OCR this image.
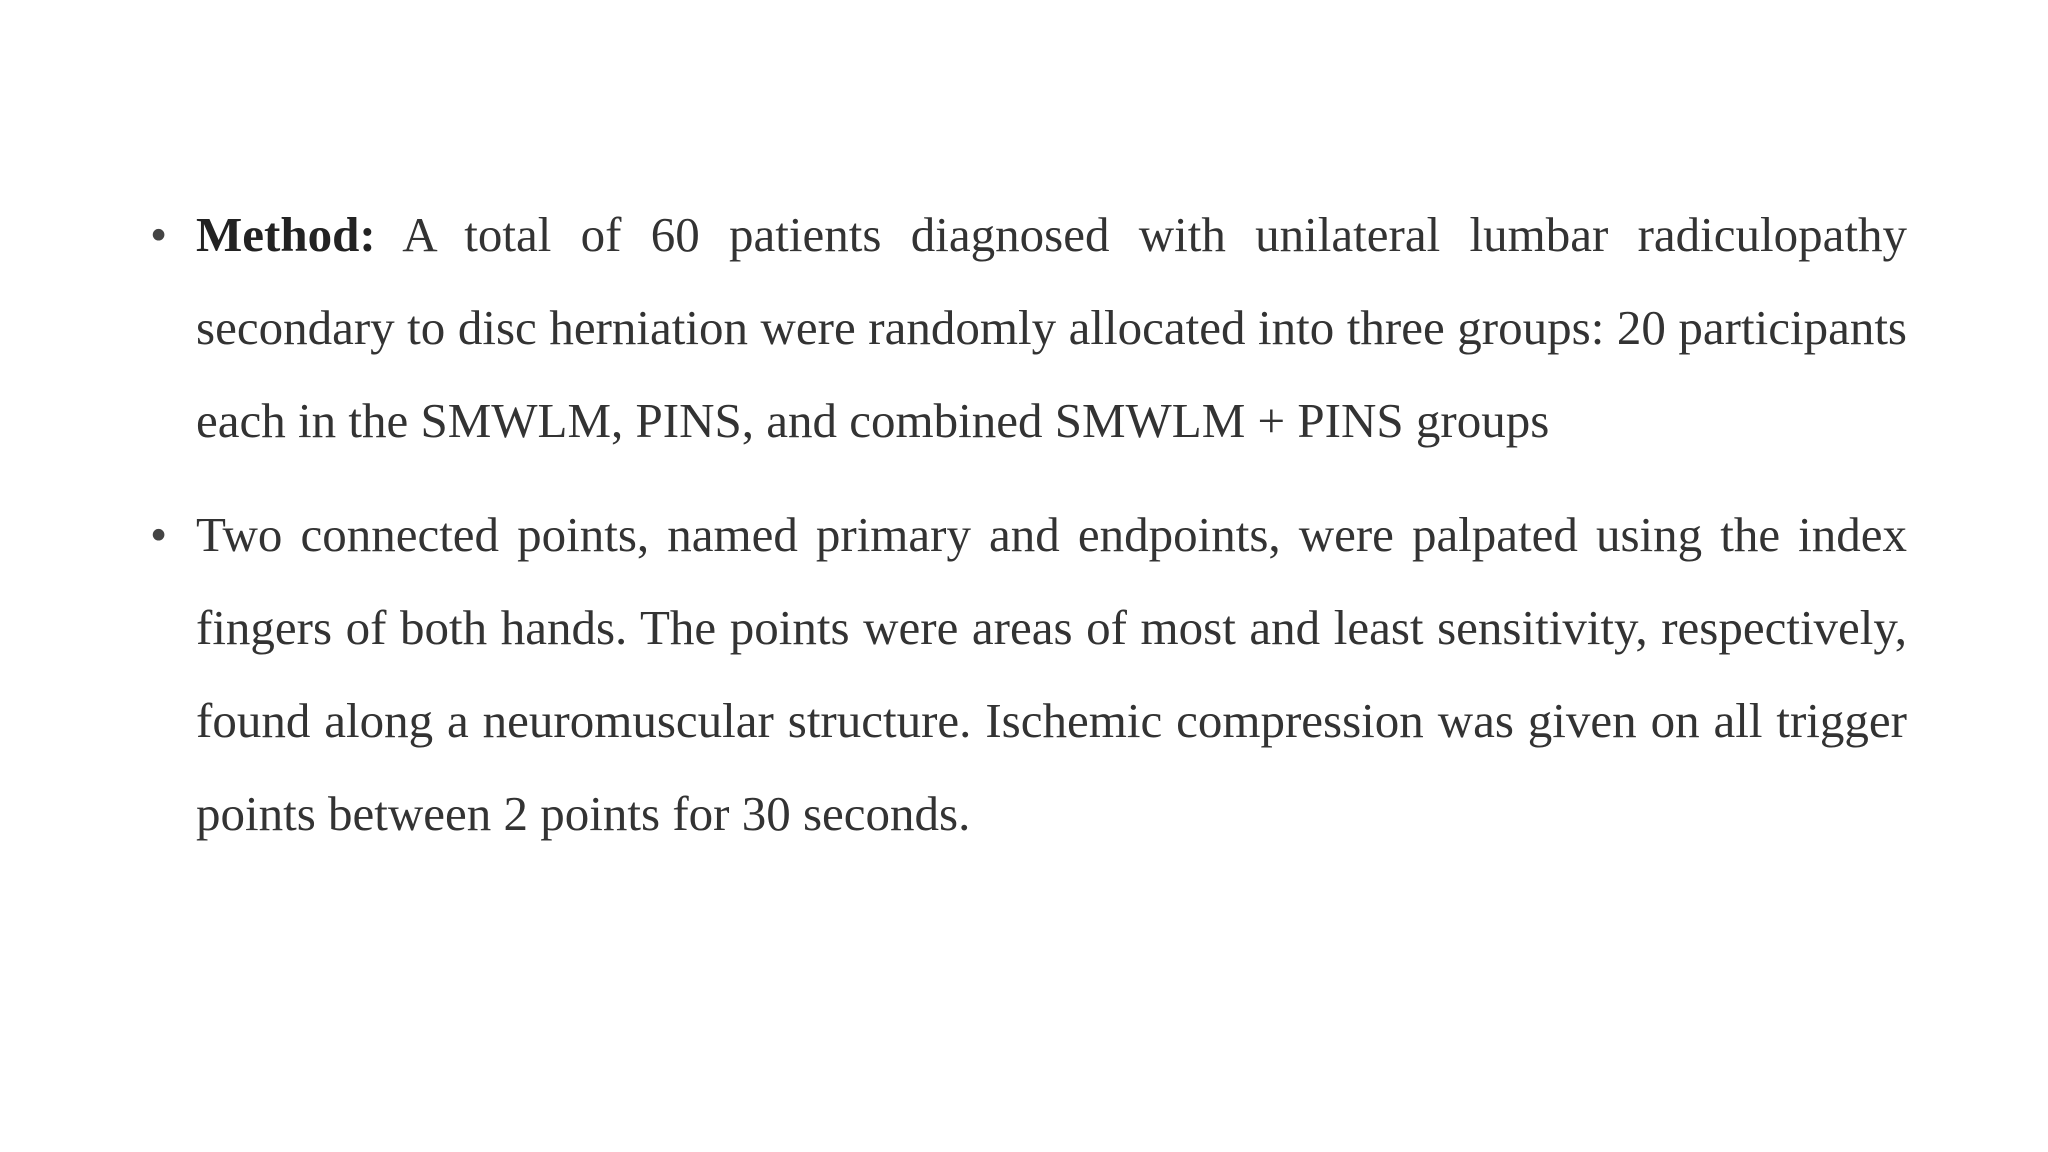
• Method: A total of 60 patients diagnosed with unilateral lumbar radiculopathy secondary to disc herniation were randomly allocated into three groups: 20 participants each in the SMWLM, PINS, and combined SMWLM + PINS groups
• Two connected points, named primary and endpoints, were palpated using the index fingers of both hands. The points were areas of most and least sensitivity, respectively, found along a neuromuscular structure. Ischemic compression was given on all trigger points between 2 points for 30 seconds.
